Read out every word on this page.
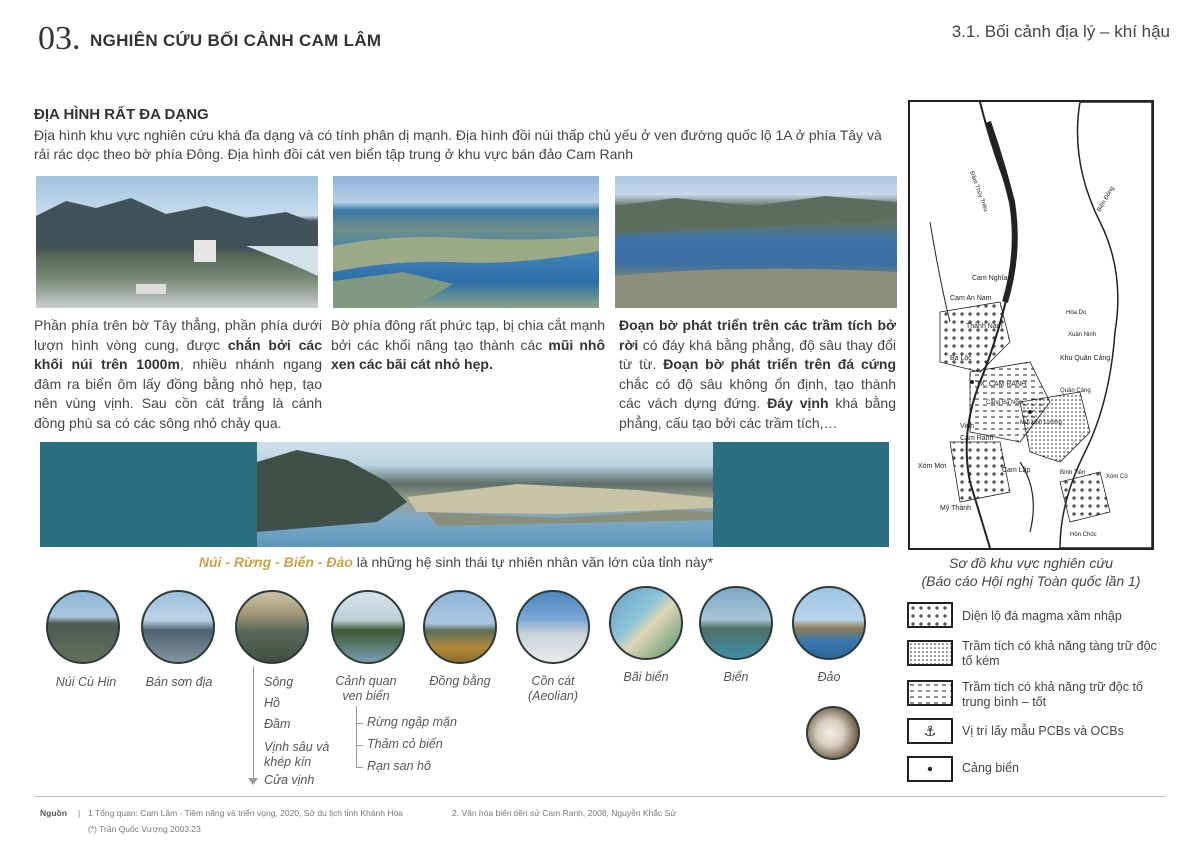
03. NGHIÊN CỨU BỐI CẢNH CAM LÂM	3.1. Bối cảnh địa lý – khí hậu
ĐỊA HÌNH RẤT ĐA DẠNG
Địa hình khu vực nghiên cứu khá đa dạng và có tính phân dị mạnh. Địa hình đồi núi thấp chủ yếu ở ven đường quốc lộ 1A ở phía Tây và rải rác dọc theo bờ phía Đông. Địa hình đồi cát ven biển tập trung ở khu vực bán đảo Cam Ranh
Phần phía trên bờ Tây thẳng, phần phía dưới lượn hình vòng cung, được chắn bởi các khối núi trên 1000m, nhiều nhánh ngang đâm ra biển ôm lấy đồng bằng nhỏ hẹp, tạo nên vùng vịnh. Sau cồn cát trắng là cánh đồng phù sa có các sông nhỏ chảy qua.
Bờ phía đông rất phức tạp, bị chia cắt mạnh bởi các khối nâng tạo thành các mũi nhô xen các bãi cát nhỏ hẹp.
Đoạn bờ phát triển trên các trầm tích bở rời có đáy khá bằng phẳng, độ sâu thay đổi từ từ. Đoạn bờ phát triển trên đá cứng chắc có độ sâu không ổn định, tạo thành các vách dựng đứng. Đáy vịnh khá bằng phẳng, cấu tạo bởi các trầm tích,…
Núi - Rừng - Biển - Đảo là những hệ sinh thái tự nhiên nhân văn lớn của tỉnh này*
Núi Cù Hin	Bán sơn địa	Sông
Hồ
Đầm
Vịnh sâu và khép kín
Cửa vịnh
Cảnh quan ven biển
Rừng ngập mặn
Thảm cỏ biển
Rạn san hô
Đồng bằng	Cồn cát (Aeolian)
Bãi biển	Biển	Đảo
Đầm Thủy Triều	Biển Đông
Cam Nghĩa
Cam An Nam
Thành Nam
Hòa Do
Xuân Ninh
Khu Quân Cảng
Ba Lộc
TX. CAM RANH
Cảng Ba Ngòi
Quân Cảng
Vịnh
Cam Ranh
Mũi Hòn Lương
Cam Lập
Xóm Mới
Bình Tiên
Xóm Cò
Mỹ Thành
Hòn Chóc
Sơ đồ khu vực nghiên cứu
(Báo cáo Hội nghị Toàn quốc lần 1)
Diện lộ đá magma xâm nhập
Trầm tích có khả năng tàng trữ độc tố kém
Trầm tích có khả năng trữ độc tố trung bình – tốt
⚓	Vị trí lấy mẫu PCBs và OCBs
Cảng biển
Nguồn | 1 Tổng quan: Cam Lâm - Tiềm năng và triển vọng, 2020, Sở du lịch tỉnh Khánh Hòa	2. Văn hóa biển tiền sử Cam Ranh, 2008, Nguyễn Khắc Sử
(*) Trần Quốc Vượng 2003:23
